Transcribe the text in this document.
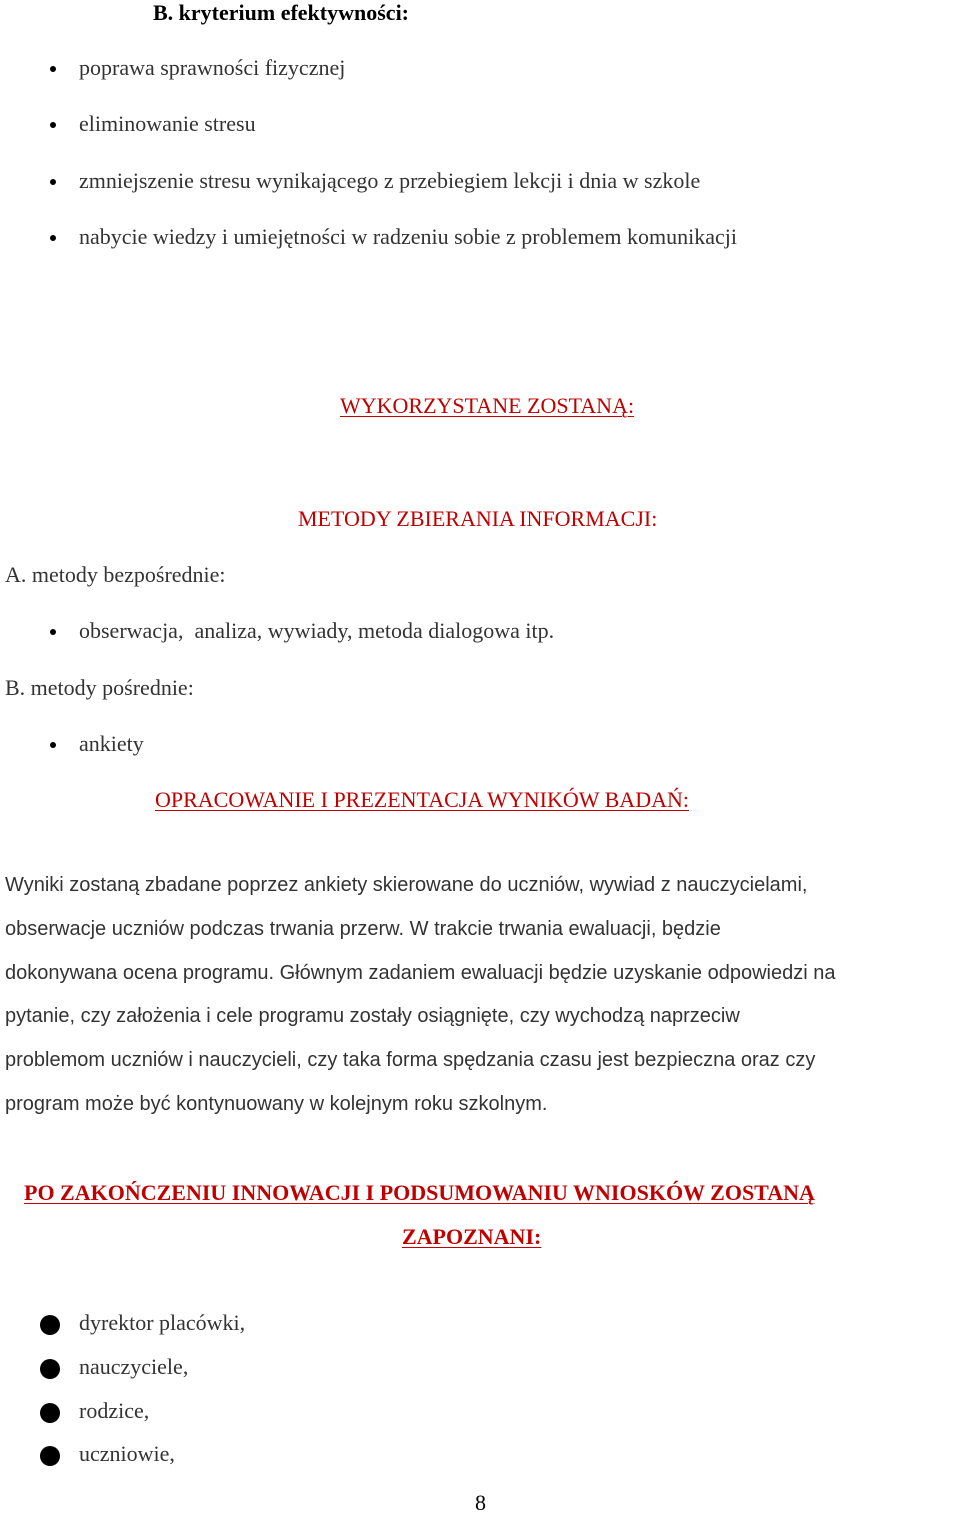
B. kryterium efektywności:
poprawa sprawności fizycznej
eliminowanie stresu
zmniejszenie stresu wynikającego z przebiegiem lekcji i dnia w szkole
nabycie wiedzy i umiejętności w radzeniu sobie z problemem komunikacji
WYKORZYSTANE ZOSTANĄ:
METODY ZBIERANIA INFORMACJI:
A. metody bezpośrednie:
obserwacja,  analiza, wywiady, metoda dialogowa itp.
B. metody pośrednie:
ankiety
OPRACOWANIE I PREZENTACJA WYNIKÓW BADAŃ:
Wyniki zostaną zbadane poprzez ankiety skierowane do uczniów, wywiad z nauczycielami,
obserwacje uczniów podczas trwania przerw. W trakcie trwania ewaluacji, będzie
dokonywana ocena programu. Głównym zadaniem ewaluacji będzie uzyskanie odpowiedzi na
pytanie, czy założenia i cele programu zostały osiągnięte, czy wychodzą naprzeciw
problemom uczniów i nauczycieli, czy taka forma spędzania czasu jest bezpieczna oraz czy
program może być kontynuowany w kolejnym roku szkolnym.
PO ZAKOŃCZENIU INNOWACJI I PODSUMOWANIU WNIOSKÓW ZOSTANĄ
ZAPOZNANI:
dyrektor placówki,
nauczyciele,
rodzice,
uczniowie,
8
